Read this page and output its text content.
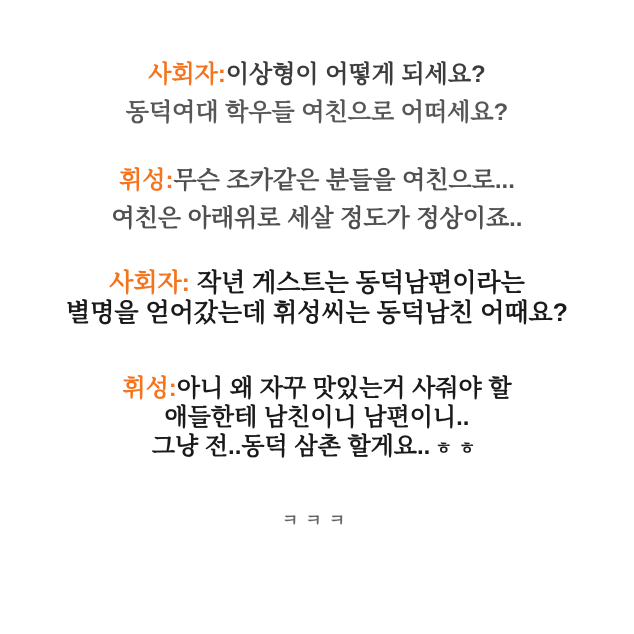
사회자:이상형이 어떻게 되세요?

동덕여대 학우들 여친으로 어떠세요?

휘성:무슨 조카같은 분들을 여친으로...

여친은 아래위로 세살 정도가 정상이죠..

사회자: 작년 게스트는 동덕남편이라는

별명을 얻어갔는데 휘성씨는 동덕남친 어때요?

휘성:아니 왜 자꾸 맛있는거 사줘야 할

애들한테 남친이니 남편이니..

그냥 전..동덕 삼촌 할게요.. ㅎㅎ

ㅋㅋㅋ
